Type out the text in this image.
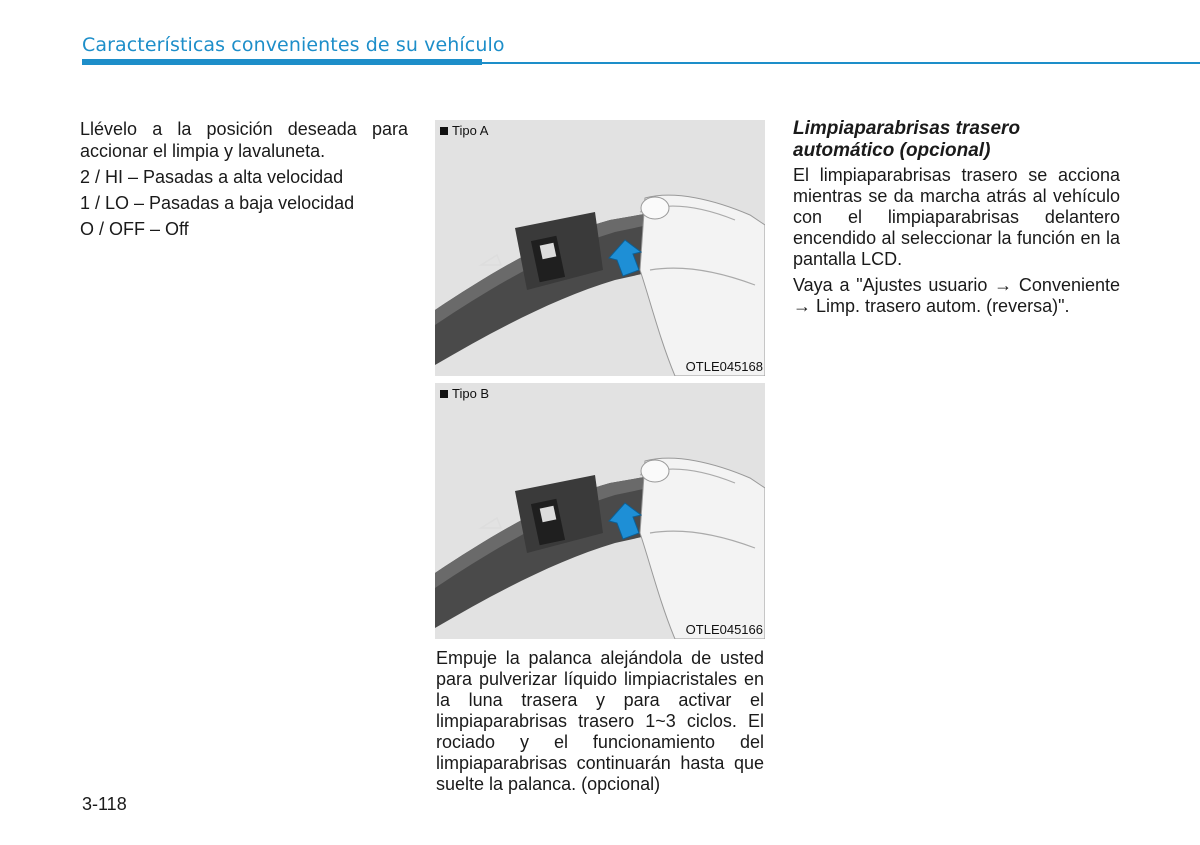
Características convenientes de su vehículo

Llévelo a la posición deseada para accionar el limpia y lavaluneta.

2 / HI – Pasadas a alta velocidad

1 / LO – Pasadas a baja velocidad

O / OFF – Off

Tipo A
OTLE045168
Tipo B
OTLE045166

Empuje la palanca alejándola de usted para pulverizar líquido limpiacristales en la luna trasera y para activar el limpiaparabrisas trasero 1~3 ciclos. El rociado y el funcionamiento del limpiaparabrisas continuarán hasta que suelte la palanca. (opcional)

3-118
Limpiaparabrisas trasero automático (opcional)

El limpiaparabrisas trasero se acciona mientras se da marcha atrás al vehículo con el limpiaparabrisas delantero encendido al seleccionar la función en la pantalla LCD.

Vaya a "Ajustes usuario → Conveniente → Limp. trasero autom. (reversa)".
